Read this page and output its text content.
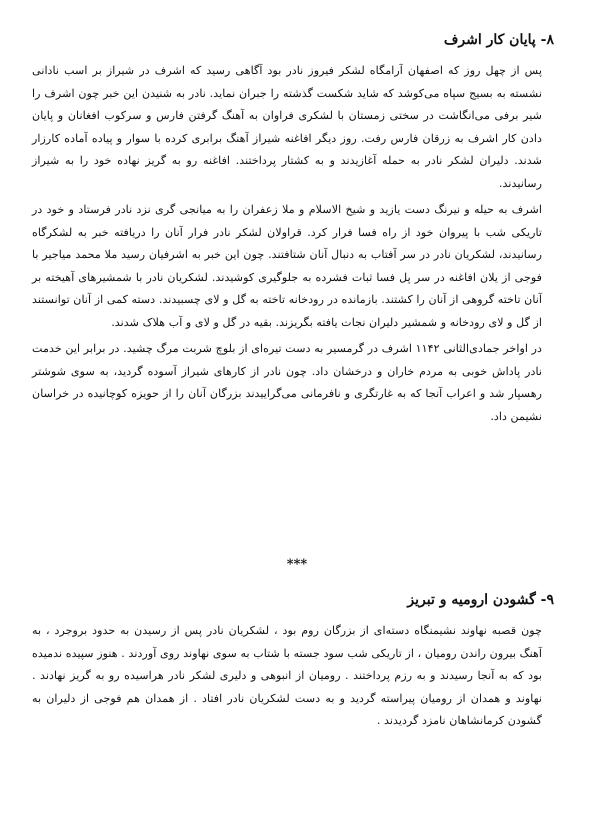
۸- پایان کار اشرف

پس از چهل روز که اصفهان آرامگاه لشکر فیروز نادر بود آگاهی رسید که اشرف در شیراز بر اسب نادانی نشسته به بسیج سپاه می‌کوشد که شاید شکست گذشته را جبران نماید. نادر به شنیدن این خبر چون اشرف را شیر برفی می‌انگاشت در سختی زمستان با لشکری فراوان به آهنگ گرفتن فارس و سرکوب افغانان و پایان دادن کار اشرف به زرقان فارس رفت. روز دیگر افاغنه شیراز آهنگ برابری کرده با سوار و پیاده آماده کارزار شدند. دلیران لشکر نادر به حمله آغازیدند و به کشتار پرداختند. افاغنه رو به گریز نهاده خود را به شیراز رسانیدند.

اشرف به حیله و نیرنگ دست یازید و شیخ الاسلام و ملا زعفران را به میانجی گری نزد نادر فرستاد و خود در تاریکی شب با پیروان خود از راه فسا فرار کرد. قراولان لشکر نادر فرار آنان را دریافته خبر به لشکرگاه رسانیدند، لشکریان نادر در سر آفتاب به دنبال آنان شتافتند. چون این خبر به اشرفیان رسید ملا محمد میاجیر با فوجی از یلان افاغنه در سر پل فسا ثبات فشرده به جلوگیری کوشیدند. لشکریان نادر با شمشیرهای آهیخته بر آنان تاخته گروهی از آنان را کشتند. بازمانده در رودخانه تاخته به گل و لای چسبیدند. دسته کمی از آنان توانستند از گل و لای رودخانه و شمشیر دلیران نجات یافته بگریزند. بقیه در گل و لای و آب هلاک شدند.

در اواخر جمادی‌الثانی ۱۱۴۲ اشرف در گرمسیر به دست تیره‌ای از بلوچ شربت مرگ چشید. در برابر این خدمت نادر پاداش خوبی به مردم خاران و درخشان داد. چون نادر از کارهای شیراز آسوده گردید، به سوی شوشتر رهسپار شد و اعراب آنجا که به غارتگری و نافرمانی می‌گراییدند بزرگان آنان را از حویزه کوچانیده در خراسان نشیمن داد.

***
۹- گشودن ارومیه و تبریز

چون قصبه نهاوند نشیمنگاه دسته‌ای از بزرگان روم بود ، لشکریان نادر پس از رسیدن به حدود بروجرد ، به آهنگ بیرون راندن رومیان ، از تاریکی شب سود جسته با شتاب به سوی نهاوند روی آوردند . هنوز سپیده ندمیده بود که به آنجا رسیدند و به رزم پرداختند . رومیان از انبوهی و دلیری لشکر نادر هراسیده رو به گریز نهادند . نهاوند و همدان از رومیان پیراسته گردید و به دست لشکریان نادر افتاد . از همدان هم فوجی از دلیران به گشودن کرمانشاهان نامزد گردیدند .
